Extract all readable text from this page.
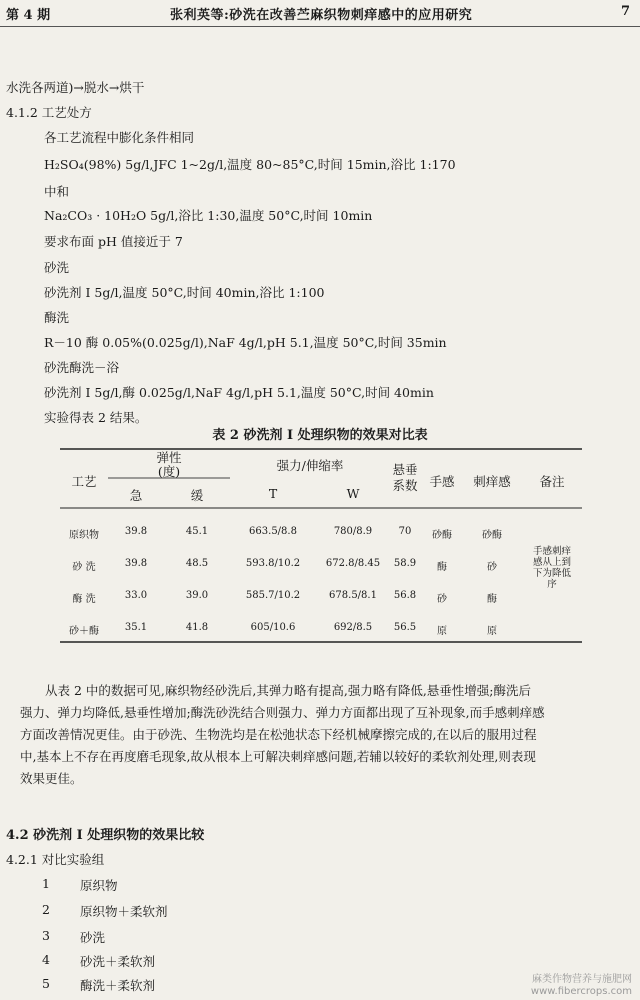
第 4 期	张利英等:砂洗在改善苎麻织物刺痒感中的应用研究	7
水洗各两道)→脱水→烘干
4.1.2 工艺处方
各工艺流程中膨化条件相同
H₂SO₄(98%) 5g/l,JFC 1~2g/l,温度 80~85°C,时间 15min,浴比 1:170
中和
Na₂CO₃ · 10H₂O 5g/l,浴比 1:30,温度 50°C,时间 10min
要求布面 pH 值接近于 7
砂洗
砂洗剂 I 5g/l,温度 50°C,时间 40min,浴比 1:100
酶洗
R－10 酶 0.05%(0.025g/l),NaF 4g/l,pH 5.1,温度 50°C,时间 35min
砂洗酶洗－浴
砂洗剂 I 5g/l,酶 0.025g/l,NaF 4g/l,pH 5.1,温度 50°C,时间 40min
实验得表 2 结果。
表 2 砂洗剂 I 处理织物的效果对比表
工艺
弹性
(度)
急	缓
强力/伸缩率
T	W
悬垂系数 手感	刺痒感	备注
原织物	39.8	45.1	663.5/8.8	780/8.9	70	砂酶	砂酶
砂 洗	39.8	48.5	593.8/10.2	672.8/8.45	58.9	酶	砂
酶 洗	33.0	39.0	585.7/10.2	678.5/8.1	56.8	砂	酶
砂＋酶	35.1	41.8	605/10.6	692/8.5	56.5	原	原
手感刺痒感从上到下为降低序
从表 2 中的数据可见,麻织物经砂洗后,其弹力略有提高,强力略有降低,悬垂性增强;酶洗后
强力、弹力均降低,悬垂性增加;酶洗砂洗结合则强力、弹力方面都出现了互补现象,而手感刺痒感
方面改善情况更佳。由于砂洗、生物洗均是在松弛状态下经机械摩擦完成的,在以后的服用过程
中,基本上不存在再度磨毛现象,故从根本上可解决刺痒感问题,若辅以较好的柔软剂处理,则表现
效果更佳。
4.2 砂洗剂 I 处理织物的效果比较
4.2.1 对比实验组
1 原织物
2 原织物＋柔软剂
3 砂洗
4 砂洗＋柔软剂
5 酶洗＋柔软剂	麻类作物营养与施肥网
www.fibercrops.com
